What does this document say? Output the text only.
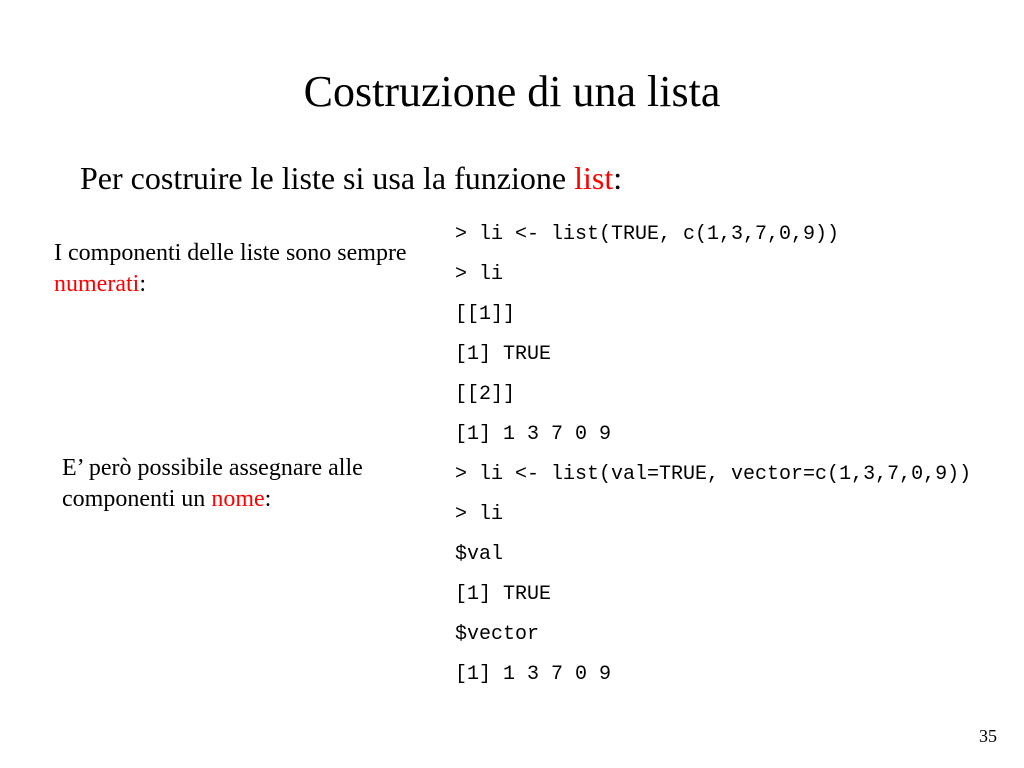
Costruzione di una lista
Per costruire le liste si usa la funzione list:
I componenti delle liste sono sempre numerati:
E’ però possibile assegnare alle componenti un nome:
> li <- list(TRUE, c(1,3,7,0,9))
> li
[[1]]
[1] TRUE
[[2]]
[1] 1 3 7 0 9
> li <- list(val=TRUE, vector=c(1,3,7,0,9))
> li
$val
[1] TRUE
$vector
[1] 1 3 7 0 9
35
